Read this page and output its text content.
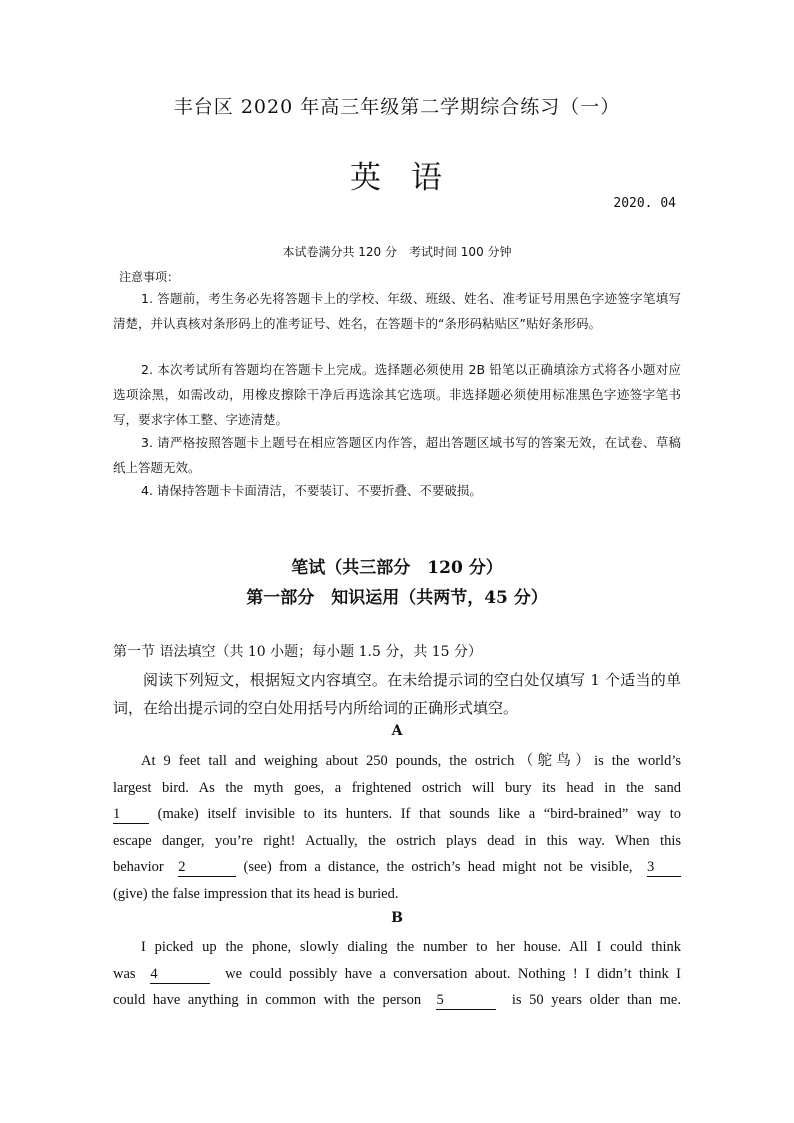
丰台区 2020 年高三年级第二学期综合练习（一）
英语
2020. 04
本试卷满分共 120 分　考试时间 100 分钟
注意事项：
1. 答题前，考生务必先将答题卡上的学校、年级、班级、姓名、准考证号用黑色字迹签字笔填写清楚，并认真核对条形码上的准考证号、姓名，在答题卡的“条形码粘贴区”贴好条形码。
2. 本次考试所有答题均在答题卡上完成。选择题必须使用 2B 铅笔以正确填涂方式将各小题对应选项涂黑，如需改动，用橡皮擦除干净后再选涂其它选项。非选择题必须使用标准黑色字迹签字笔书写，要求字体工整、字迹清楚。
3. 请严格按照答题卡上题号在相应答题区内作答，超出答题区域书写的答案无效，在试卷、草稿纸上答题无效。
4. 请保持答题卡卡面清洁，不要装订、不要折叠、不要破损。
笔试（共三部分　120 分）
第一部分　知识运用（共两节，45 分）
第一节 语法填空（共 10 小题；每小题 1.5 分，共 15 分）
阅读下列短文，根据短文内容填空。在未给提示词的空白处仅填写 1 个适当的单词，在给出提示词的空白处用括号内所给词的正确形式填空。
A
At 9 feet tall and weighing about 250 pounds, the ostrich（鸵鸟）is the world’s
largest bird. As the myth goes, a frightened ostrich will bury its head in the sand
1	(make) itself invisible to its hunters. If that sounds like a “bird-brained” way to
escape danger, you’re right! Actually, the ostrich plays dead in this way. When this
behavior 2	(see) from a distance, the ostrich’s head might not be visible, 3
(give) the false impression that its head is buried.
B
I picked up the phone, slowly dialing the number to her house. All I could think
was 4	we could possibly have a conversation about. Nothing ! I didn’t think I
could have anything in common with the person 5	is 50 years older than me.
